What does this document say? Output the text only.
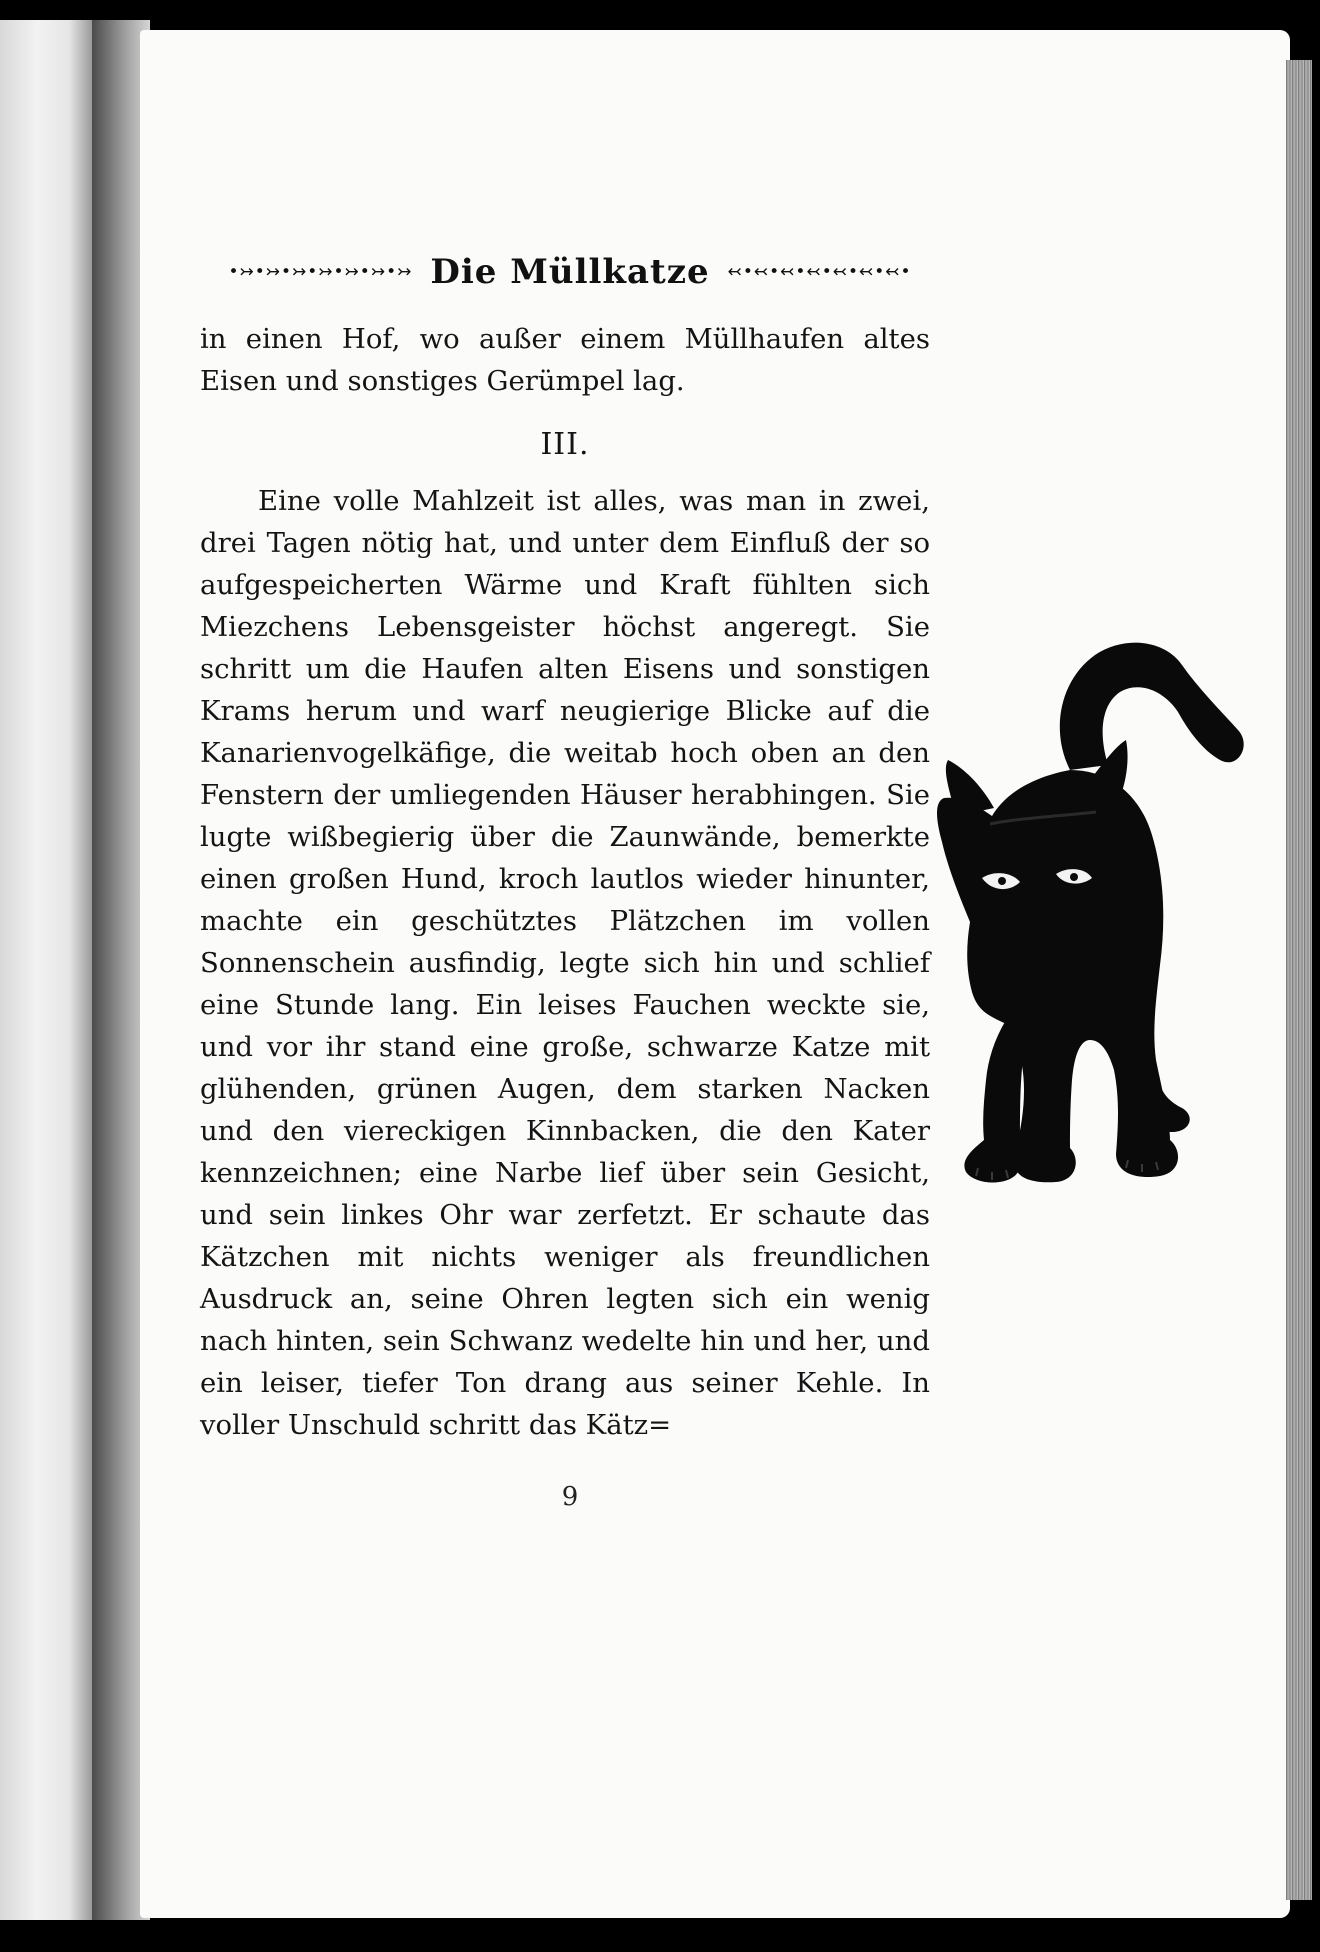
•↣•↣•↣•↣•↣•↣•↣ Die Müllkatze ↢•↢•↢•↢•↢•↢•↢•

in einen Hof, wo außer einem Müllhaufen altes Eisen und sonstiges Gerümpel lag.

III.

Eine volle Mahlzeit ist alles, was man in zwei, drei Tagen nötig hat, und unter dem Einfluß der so aufgespeicherten Wärme und Kraft fühlten sich Miezchens Lebensgeister höchst angeregt. Sie schritt um die Haufen alten Eisens und sonstigen Krams herum und warf neugierige Blicke auf die Kanarienvogelkäfige, die weitab hoch oben an den Fenstern der umliegenden Häuser herabhingen. Sie lugte wißbegierig über die Zaunwände, bemerkte einen großen Hund, kroch lautlos wieder hinunter, machte ein geschütztes Plätzchen im vollen Sonnenschein ausfindig, legte sich hin und schlief eine Stunde lang. Ein leises Fauchen weckte sie, und vor ihr stand eine große, schwarze Katze mit glühenden, grünen Augen, dem starken Nacken und den viereckigen Kinnbacken, die den Kater kennzeichnen; eine Narbe lief über sein Gesicht, und sein linkes Ohr war zerfetzt. Er schaute das Kätzchen mit nichts weniger als freundlichen Ausdruck an, seine Ohren legten sich ein wenig nach hinten, sein Schwanz wedelte hin und her, und ein leiser, tiefer Ton drang aus seiner Kehle. In voller Unschuld schritt das Kätz=

9
